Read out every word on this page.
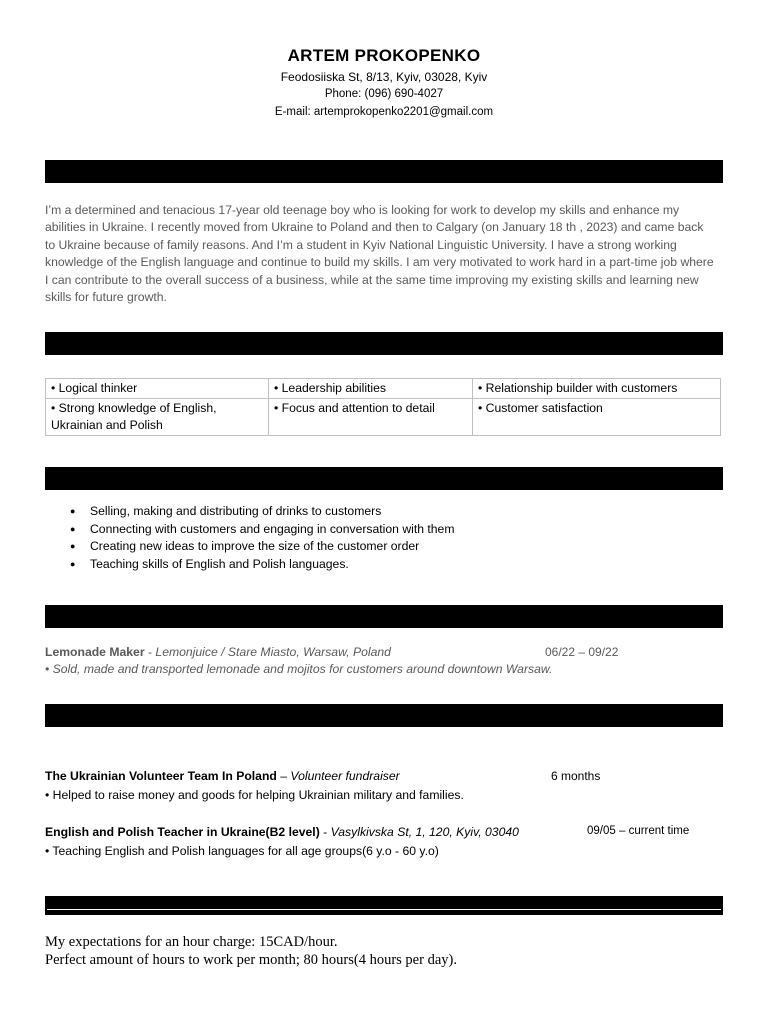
ARTEM PROKOPENKO
Feodosiiska St, 8/13, Kyiv, 03028, Kyiv
Phone: (096) 690-4027
E-mail: artemprokopenko2201@gmail.com
I’m a determined and tenacious 17-year old teenage boy who is looking for work to develop my skills and enhance my abilities in Ukraine. I recently moved from Ukraine to Poland and then to Calgary (on January 18 th , 2023) and came back to Ukraine because of family reasons. And I’m a student in Kyiv National Linguistic University. I have a strong working knowledge of the English language and continue to build my skills. I am very motivated to work hard in a part-time job where I can contribute to the overall success of a business, while at the same time improving my existing skills and learning new skills for future growth.
• Logical thinker	• Leadership abilities	• Relationship builder with customers
• Strong knowledge of English, Ukrainian and Polish	• Focus and attention to detail	• Customer satisfaction
● Selling, making and distributing of drinks to customers
● Connecting with customers and engaging in conversation with them
● Creating new ideas to improve the size of the customer order
● Teaching skills of English and Polish languages.
Lemonade Maker - Lemonjuice / Stare Miasto, Warsaw, Poland	06/22 – 09/22
• Sold, made and transported lemonade and mojitos for customers around downtown Warsaw.
The Ukrainian Volunteer Team In Poland – Volunteer fundraiser	6 months
• Helped to raise money and goods for helping Ukrainian military and families.
English and Polish Teacher in Ukraine(B2 level) - Vasylkivska St, 1, 120, Kyiv, 03040	09/05 – current time
• Teaching English and Polish languages for all age groups(6 y.o - 60 y.o)
My expectations for an hour charge: 15CAD/hour.
Perfect amount of hours to work per month; 80 hours(4 hours per day).
